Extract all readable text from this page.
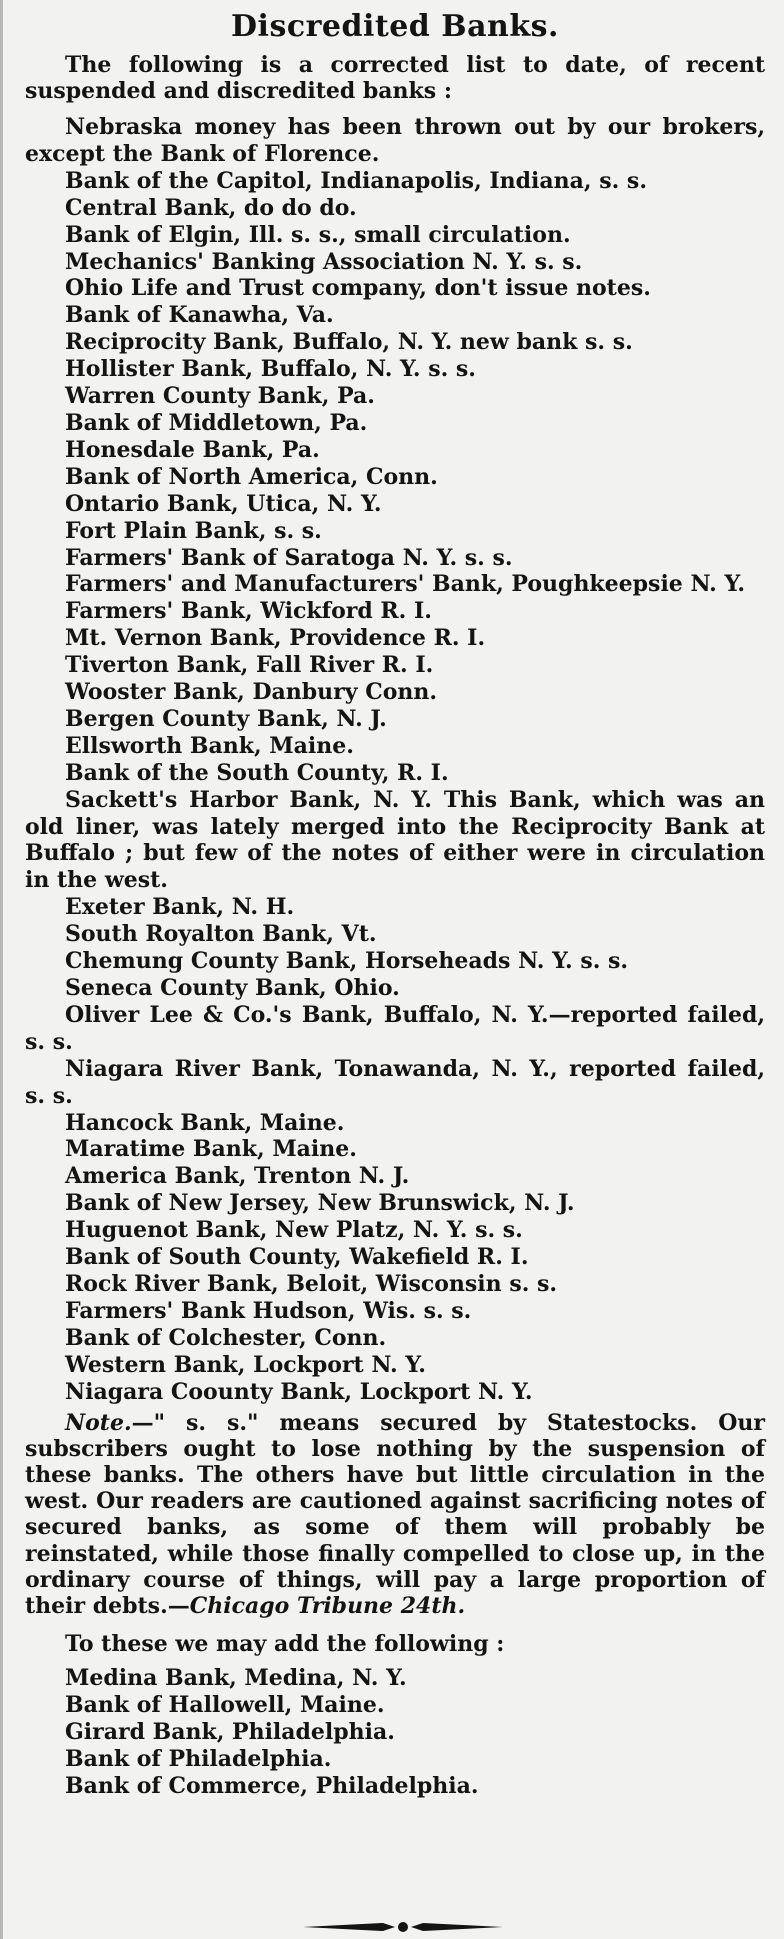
Discredited Banks.

The following is a corrected list to date, of recent suspended and discredited banks :

Nebraska money has been thrown out by our brokers, except the Bank of Florence.
Bank of the Capitol, Indianapolis, Indiana, s. s.
Central Bank, do do do.
Bank of Elgin, Ill. s. s., small circulation.
Mechanics' Banking Association N. Y. s. s.
Ohio Life and Trust company, don't issue notes.
Bank of Kanawha, Va.
Reciprocity Bank, Buffalo, N. Y. new bank s. s.
Hollister Bank, Buffalo, N. Y. s. s.
Warren County Bank, Pa.
Bank of Middletown, Pa.
Honesdale Bank, Pa.
Bank of North America, Conn.
Ontario Bank, Utica, N. Y.
Fort Plain Bank, s. s.
Farmers' Bank of Saratoga N. Y. s. s.
Farmers' and Manufacturers' Bank, Poughkeepsie N. Y.
Farmers' Bank, Wickford R. I.
Mt. Vernon Bank, Providence R. I.
Tiverton Bank, Fall River R. I.
Wooster Bank, Danbury Conn.
Bergen County Bank, N. J.
Ellsworth Bank, Maine.
Bank of the South County, R. I.
Sackett's Harbor Bank, N. Y. This Bank, which was an old liner, was lately merged into the Reciprocity Bank at Buffalo ; but few of the notes of either were in circulation in the west.
Exeter Bank, N. H.
South Royalton Bank, Vt.
Chemung County Bank, Horseheads N. Y. s. s.
Seneca County Bank, Ohio.
Oliver Lee & Co.'s Bank, Buffalo, N. Y.—reported failed, s. s.
Niagara River Bank, Tonawanda, N. Y., reported failed, s. s.
Hancock Bank, Maine.
Maratime Bank, Maine.
America Bank, Trenton N. J.
Bank of New Jersey, New Brunswick, N. J.
Huguenot Bank, New Platz, N. Y. s. s.
Bank of South County, Wakefield R. I.
Rock River Bank, Beloit, Wisconsin s. s.
Farmers' Bank Hudson, Wis. s. s.
Bank of Colchester, Conn.
Western Bank, Lockport N. Y.
Niagara Coounty Bank, Lockport N. Y.

Note.—" s. s." means secured by Statestocks. Our subscribers ought to lose nothing by the suspension of these banks. The others have but little circulation in the west. Our readers are cautioned against sacrificing notes of secured banks, as some of them will probably be reinstated, while those finally compelled to close up, in the ordinary course of things, will pay a large proportion of their debts.—Chicago Tribune 24th.

To these we may add the following :

Medina Bank, Medina, N. Y.
Bank of Hallowell, Maine.
Girard Bank, Philadelphia.
Bank of Philadelphia.
Bank of Commerce, Philadelphia.
